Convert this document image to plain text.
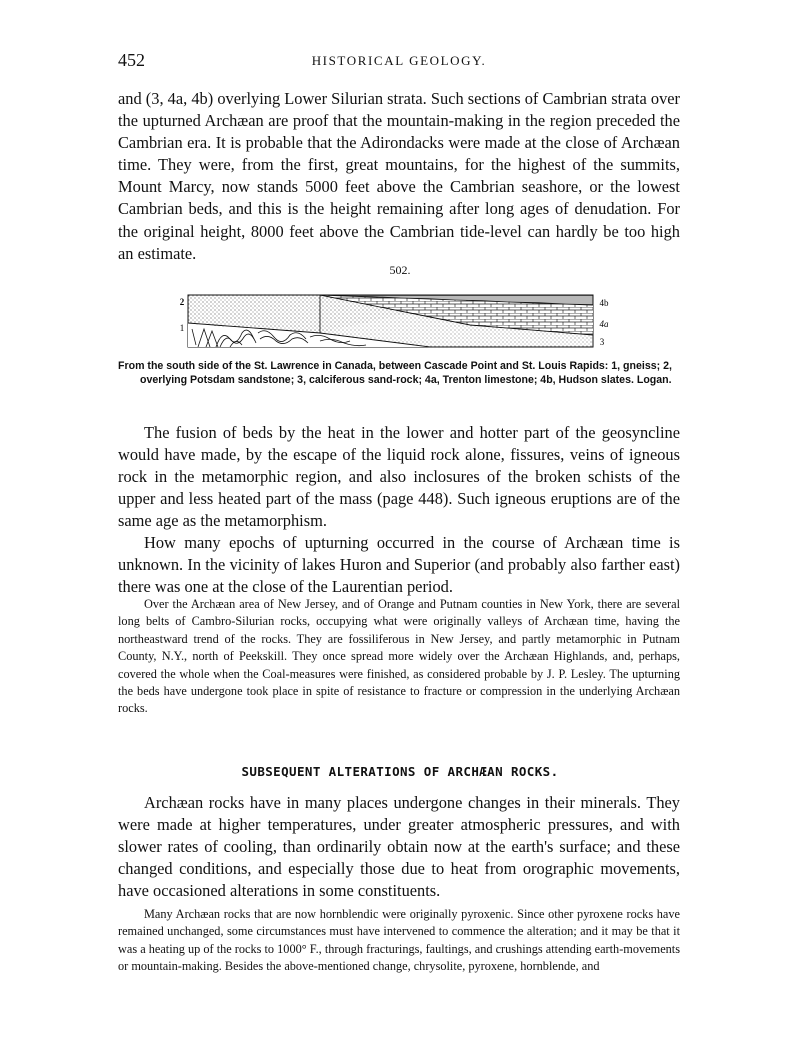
452	HISTORICAL GEOLOGY.

and (3, 4a, 4b) overlying Lower Silurian strata. Such sections of Cambrian strata over the upturned Archæan are proof that the mountain-making in the region preceded the Cambrian era. It is probable that the Adirondacks were made at the close of Archæan time. They were, from the first, great mountains, for the highest of the summits, Mount Marcy, now stands 5000 feet above the Cambrian seashore, or the lowest Cambrian beds, and this is the height remaining after long ages of denudation. For the original height, 8000 feet above the Cambrian tide-level can hardly be too high an estimate.

502.
2
1
4b
4a
3
From the south side of the St. Lawrence in Canada, between Cascade Point and St. Louis Rapids: 1, gneiss; 2, overlying Potsdam sandstone; 3, calciferous sand-rock; 4a, Trenton limestone; 4b, Hudson slates. Logan.

The fusion of beds by the heat in the lower and hotter part of the geosyncline would have made, by the escape of the liquid rock alone, fissures, veins of igneous rock in the metamorphic region, and also inclosures of the broken schists of the upper and less heated part of the mass (page 448). Such igneous eruptions are of the same age as the metamorphism.

How many epochs of upturning occurred in the course of Archæan time is unknown. In the vicinity of lakes Huron and Superior (and probably also farther east) there was one at the close of the Laurentian period.

Over the Archæan area of New Jersey, and of Orange and Putnam counties in New York, there are several long belts of Cambro-Silurian rocks, occupying what were originally valleys of Archæan time, having the northeastward trend of the rocks. They are fossiliferous in New Jersey, and partly metamorphic in Putnam County, N.Y., north of Peekskill. They once spread more widely over the Archæan Highlands, and, perhaps, covered the whole when the Coal-measures were finished, as considered probable by J. P. Lesley. The upturning the beds have undergone took place in spite of resistance to fracture or compression in the underlying Archæan rocks.

SUBSEQUENT ALTERATIONS OF ARCHÆAN ROCKS.

Archæan rocks have in many places undergone changes in their minerals. They were made at higher temperatures, under greater atmospheric pressures, and with slower rates of cooling, than ordinarily obtain now at the earth's surface; and these changed conditions, and especially those due to heat from orographic movements, have occasioned alterations in some constituents.

Many Archæan rocks that are now hornblendic were originally pyroxenic. Since other pyroxene rocks have remained unchanged, some circumstances must have intervened to commence the alteration; and it may be that it was a heating up of the rocks to 1000° F., through fracturings, faultings, and crushings attending earth-movements or mountain-making. Besides the above-mentioned change, chrysolite, pyroxene, hornblende, and
